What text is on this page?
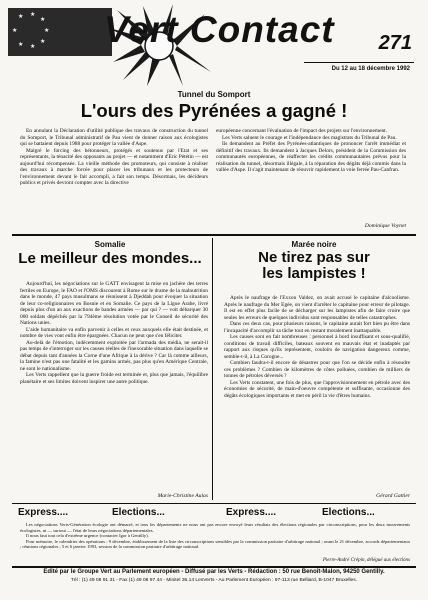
★ ★
★
★
★
★
★
★ Vert Contact 271
Du 12 au 18 décembre 1992
Tunnel du Somport
L'ours des Pyrénées a gagné !

En annulant la Déclaration d'utilité publique des travaux de construction du tunnel du Somport, le Tribunal administratif de Pau vient de donner raison aux écologistes qui se battaient depuis 1988 pour protéger la vallée d'Aspe.

Malgré le forcing des bétonneurs, protégés et soutenus par l'Etat et ses représentants, la ténacité des opposants au projet — et notamment d'Eric Pététin — est aujourd'hui récompensée. La vieille méthode des promoteurs, qui consiste à réaliser des travaux à marche forcée pour placer les tribunaux et les protecteurs de l'environnement devant le fait accompli, a fait son temps. Désormais, les décideurs publics et privés devront compter avec la directive

européenne concernant l'évaluation de l'impact des projets sur l'environnement.

Les Verts saluent le courage et l'indépendance des magistrats du Tribunal de Pau.

Ils demandent au Préfet des Pyrénées-atlantiques de prononcer l'arrêt immédiat et définitif des travaux. Ils demandent à Jacques Delors, président de la Commission des communautés européennes, de réaffecter les crédits communautaires prévus pour la réalisation du tunnel, désormais illégale, à la réparation des dégâts déjà commis dans la vallée d'Aspe. Il s'agit maintenant de réouvrir rapidement la voie ferrée Pau-Canfran.

Dominique Voynet
Somalie
Le meilleur des mondes...

Aujourd'hui, les négociations sur le GATT envisagent la mise en jachère des terres fertiles en Europe, le FAO et l'OMS discourent à Rome sur le drame de la malnutrition dans le monde, 47 pays musulmans se réunissent à Djeddah pour évoquer la situation de leur co-religionnaires en Bosnie et en Somalie. Ce pays de la Ligue Arabe, livré depuis plus d'un an aux exactions de bandes armées — par qui ? — voit débarquer 30 000 soldats dépêchés par la 794ème résolution votée par le Conseil de sécurité des Nations unies.

L'aide humanitaire va enfin parvenir à celles et ceux auxquels elle était destinée, et nombre de vies vont enfin être épargnées. Chacun ne peut que s'en féliciter.

Au-delà de l'émotion, indécemment exploitée par l'armada des média, ne serait-il pas temps de s'interroger sur les causes réelles de l'inexorable situation dans laquelle se débat depuis tant d'années la Corne d'une Afrique à la dérive ? Car là comme ailleurs, la famine n'est pas une fatalité et les gamins armés, pas plus qu'en Amérique Centrale, ne sont le nationalisme.

Les Verts rappellent que la guerre froide est terminée et, plus que jamais, l'équilibre planétaire et ses limites doivent inspirer une autre politique.

Marie-Christine Aulas
Marée noire
Ne tirez pas sur
les lampistes !

Après le naufrage de l'Exxon Valdez, on avait accusé le capitaine d'alcoolisme. Après le naufrage du Mer Egée, on vient d'arrêter le capitaine pour erreur de pilotage. Il est en effet plus facile de se décharger sur les lampistes afin de faire croire que seules les erreurs de quelques individus sont responsables de telles catastrophes.

Dans ces deux cas, pour plusieurs raisons, le capitaine aurait fort bien pu être dans l'incapacité d'accomplir sa tâche tout en restant moralement inattaquable.

Les causes sont en fait nombreuses : personnel à bord insuffisant et sous-qualifié, conditions de travail difficiles, bateaux souvent en mauvais état et inadaptés par rapport aux risques qu'ils représentent, couloirs de navigation dangereux comme, semble-t-il, à La Corogne...

Combien faudra-t-il encore de désastres pour que l'on se décide enfin à résoudre ces problèmes ? Combien de kilomètres de côtes polluées, combien de milliers de tonnes de pétroles déversés ?

Les Verts constatent, une fois de plus, que l'approvisionnement en pétrole avec des économies de sécurité, de main-d'oeuvre compétente et suffisante, occasionne des dégâts écologiques importants et met en péril la vie d'êtres humains.

Gérard Gattier
Express....	Elections...	Express....	Elections...

Les négociations Verts-Génération écologie ont démarré, et tous les départements ne nous ont pas encore envoyé leurs résultats des élections régionales par circonscriptions, pour les deux mouvements écologistes, ni — surtout — l'état de leurs négociations départementales.

Il nous faut tout cela d'extrême urgence (contacter Igor à Gentilly).

Pour mémoire, le calendrier des opérations : 9 décembre, établissement de la liste des circonscriptions sensibles par la commission paritaire d'arbitrage national ; avant le 21 décembre, accords départementaux ; réunions régionales ; 5 et 6 janvier 1993, session de la commission paritaire d'arbitrage national.

Pierre-André Crépin, délégué aux élections
Edité par le Groupe Vert au Parlement européen - Diffusé par les Verts - Rédaction : 50 rue Benoît-Malon, 94250 Gentilly.
Tél : (1) 49 08 91 31 - Fax (1) 49 08 97 44 - Minitel 36.14 LesVerts - Au Parlement Européen : 97-113 rue Belliard, B-1047 Bruxelles.
